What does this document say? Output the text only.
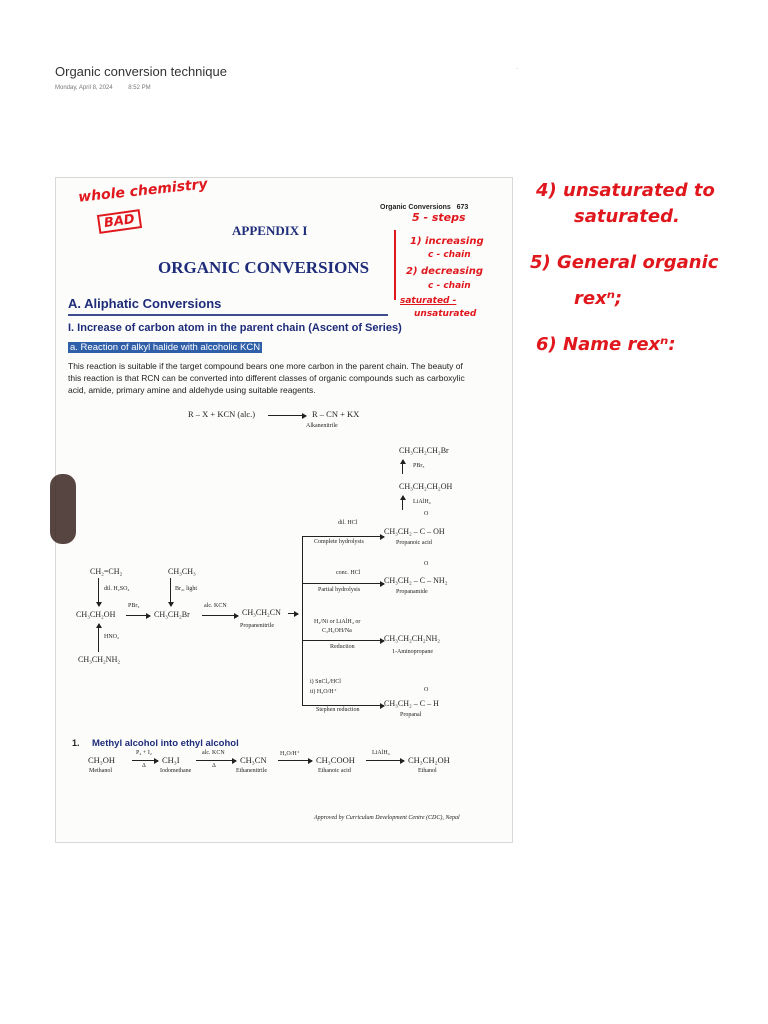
Organic conversion technique
Monday, April 8, 2024	8:52 PM
·
Organic Conversions 673
APPENDIX I
ORGANIC CONVERSIONS
A. Aliphatic Conversions
I. Increase of carbon atom in the parent chain (Ascent of Series)
a. Reaction of alkyl halide with alcoholic KCN
This reaction is suitable if the target compound bears one more carbon in the parent chain. The beauty of this reaction is that RCN can be converted into different classes of organic compounds such as carboxylic acid, amide, primary amine and aldehyde using suitable reagents.
R – X + KCN (alc.) → R – CN + KX
Alkanenitrile
CH₃CH₂CH₂Br
PBr₃
CH₃CH₂CH₂OH
LiAlH₄
CH₂=CH₂
dil. H₂SO₄
CH₃CH₃
Br₂, light
CH₃CH₂OH
PBr₃
CH₃CH₂Br
alc. KCN
CH₃CH₂CN
Propanenitrile
HNO₂
CH₃CH₂NH₂
dil. HCl
Complete hydrolysis
O
CH₃CH₂ – C – OH
Propanoic acid
conc. HCl
Partial hydrolysis
O
CH₃CH₂ – C – NH₂
Propanamide
H₂/Ni or LiAlH₄ or
C₂H₅OH/Na
Reduction
CH₃CH₂CH₂NH₂
1-Aminopropane
i) SnCl₂/HCl
ii) H₃O/H⁺
Stephen reduction
O
CH₃CH₂ – C – H
Propanal
1. Methyl alcohol into ethyl alcohol
CH₃OH
Methanol
P₄ + I₂
Δ
CH₃I
Iodomethane
alc. KCN
Δ
CH₃CN
Ethanenitrile
H₃O/H⁺
CH₃COOH
Ethanoic acid
LiAlH₄
CH₃CH₂OH
Ethanol
Approved by Curriculum Development Centre (CDC), Nepal
whole chemistry
BAD	5 - steps
1) increasing
c - chain
2) decreasing
c - chain
saturated -
unsaturated
4) unsaturated to
saturated.
5) General organic
rexⁿ;
6) Name rexⁿ:
